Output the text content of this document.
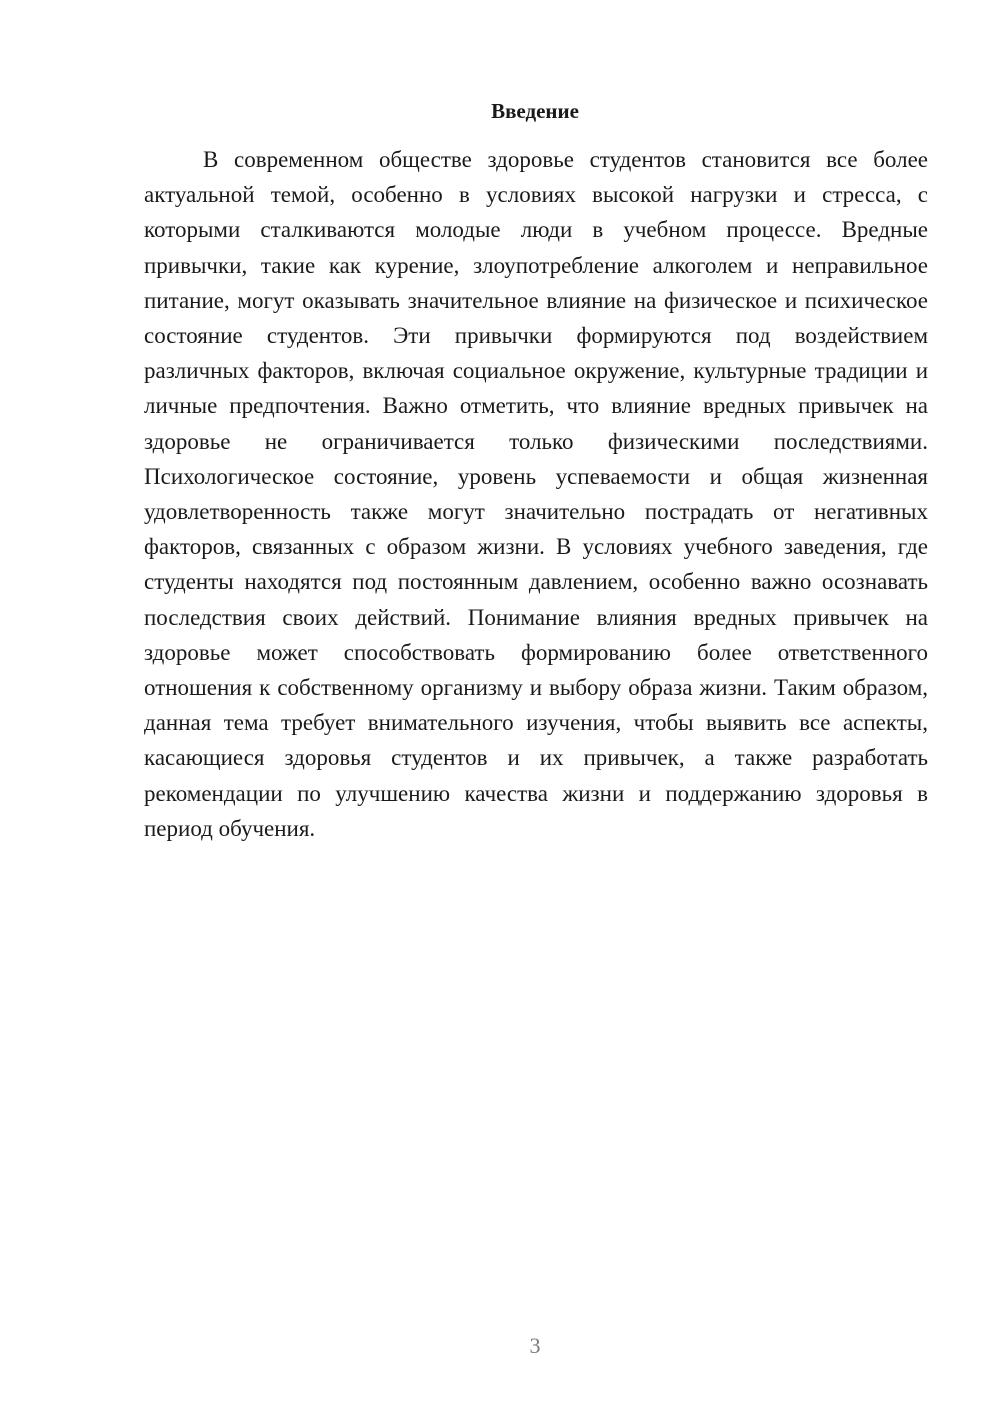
Введение

В современном обществе здоровье студентов становится все более актуальной темой, особенно в условиях высокой нагрузки и стресса, с которыми сталкиваются молодые люди в учебном процессе. Вредные привычки, такие как курение, злоупотребление алкоголем и неправильное питание, могут оказывать значительное влияние на физическое и психическое состояние студентов. Эти привычки формируются под воздействием различных факторов, включая социальное окружение, культурные традиции и личные предпочтения. Важно отметить, что влияние вредных привычек на здоровье не ограничивается только физическими последствиями. Психологическое состояние, уровень успеваемости и общая жизненная удовлетворенность также могут значительно пострадать от негативных факторов, связанных с образом жизни. В условиях учебного заведения, где студенты находятся под постоянным давлением, особенно важно осознавать последствия своих действий. Понимание влияния вредных привычек на здоровье может способствовать формированию более ответственного отношения к собственному организму и выбору образа жизни. Таким образом, данная тема требует внимательного изучения, чтобы выявить все аспекты, касающиеся здоровья студентов и их привычек, а также разработать рекомендации по улучшению качества жизни и поддержанию здоровья в период обучения.

3
